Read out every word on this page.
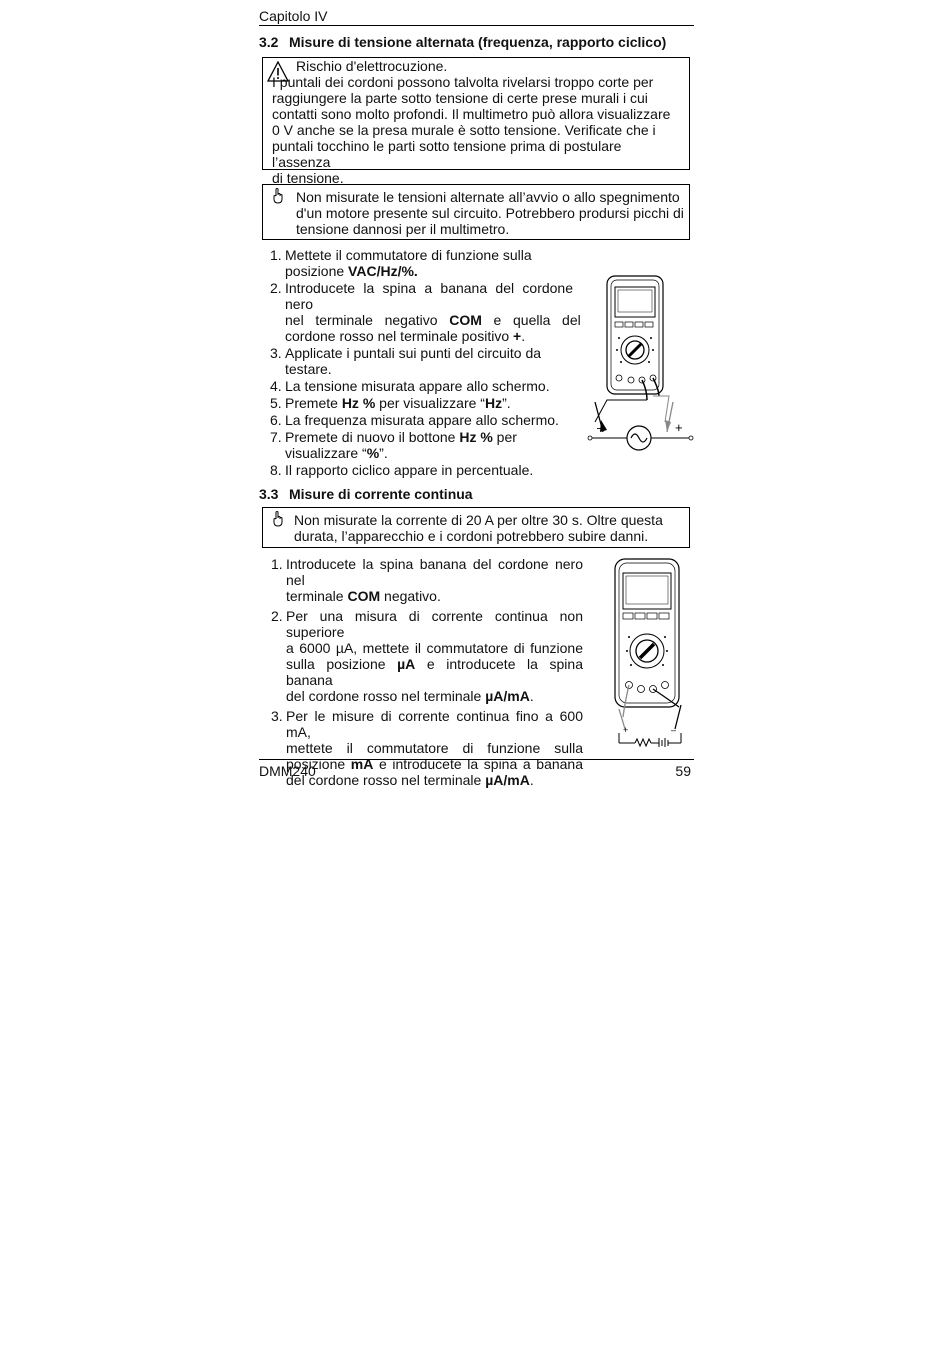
Capitolo IV
3.2 Misure di tensione alternata (frequenza, rapporto ciclico)
Rischio d'elettrocuzione.
I puntali dei cordoni possono talvolta rivelarsi troppo corte per
raggiungere la parte sotto tensione di certe prese murali i cui
contatti sono molto profondi. Il multimetro può allora visualizzare
0 V anche se la presa murale è sotto tensione. Verificate che i
puntali tocchino le parti sotto tensione prima di postulare l’assenza
di tensione.
Non misurate le tensioni alternate all’avvio o allo spegnimento
d'un motore presente sul circuito. Potrebbero prodursi picchi di
tensione dannosi per il multimetro.
1. Mettete il commutatore di funzione sulla
posizione VAC/Hz/%.
2. Introducete la spina a banana del cordone nero
nel   terminale   negativo   COM   e   quella   del
cordone rosso nel terminale positivo +.
3. Applicate i puntali sui punti del circuito da
testare.
4. La tensione misurata appare allo schermo.
5. Premete Hz % per visualizzare “Hz”.
6. La frequenza misurata appare allo schermo.
7. Premete di nuovo il bottone Hz % per
visualizzare “%”.
8. Il rapporto ciclico appare in percentuale.
–	+
3.3 Misure di corrente continua
Non misurate la corrente di 20 A per oltre 30 s. Oltre questa
durata, l’apparecchio e i cordoni potrebbero subire danni.
1. Introducete la spina banana del cordone nero nel
terminale COM negativo.
2. Per una misura di corrente continua non superiore
a 6000 µA, mettete il commutatore di funzione
sulla posizione µA e introducete la spina banana
del cordone rosso nel terminale µA/mA.
3. Per le misure di corrente continua fino a 600 mA,
mettete il commutatore di funzione sulla
posizione mA e introducete la spina a banana
del cordone rosso nel terminale µA/mA.
+	–
DMM240	59
